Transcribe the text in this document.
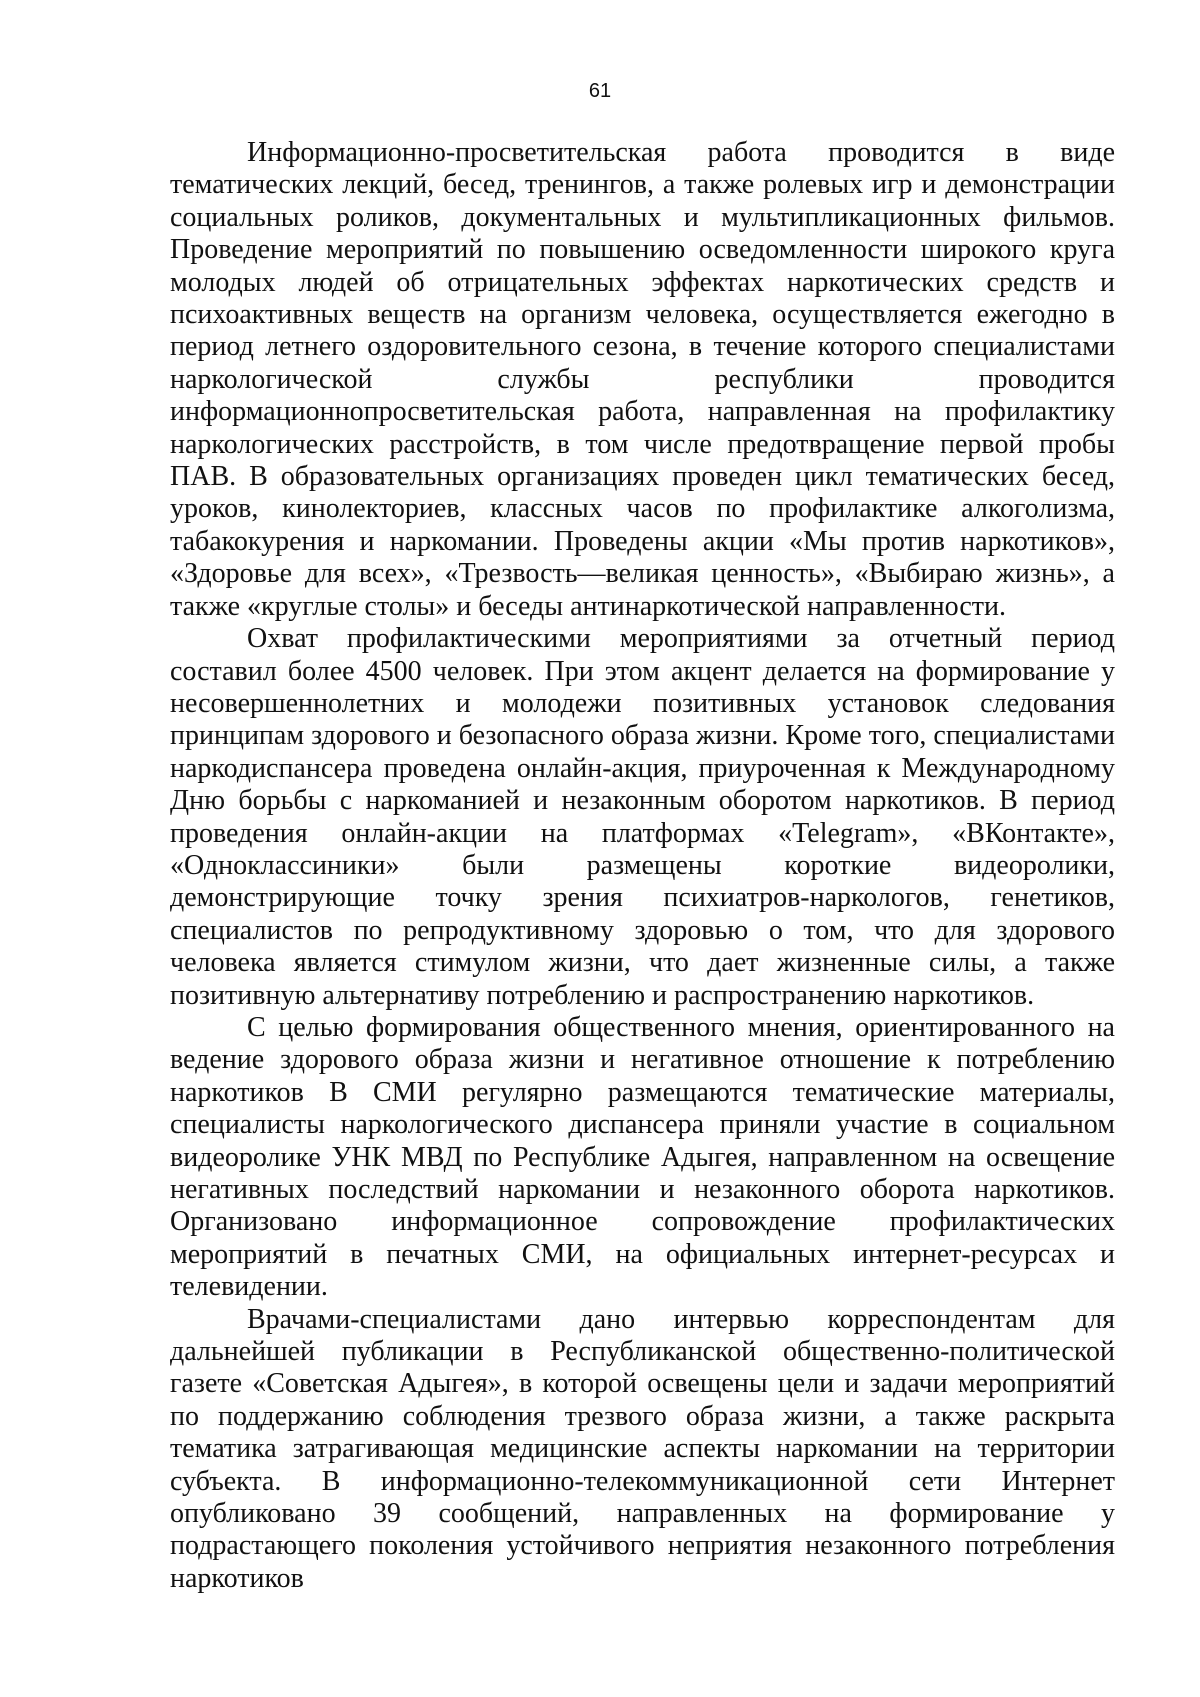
61

Информационно-просветительская работа проводится в виде тематических лекций, бесед, тренингов, а также ролевых игр и демонстрации социальных роликов, документальных и мультипликационных фильмов. Проведение мероприятий по повышению осведомленности широкого круга молодых людей об отрицательных эффектах наркотических средств и психоактивных веществ на организм человека, осуществляется ежегодно в период летнего оздоровительного сезона, в течение которого специалистами наркологической службы республики проводится информационнопросветительская работа, направленная на профилактику наркологических расстройств, в том числе предотвращение первой пробы ПАВ. В образовательных организациях проведен цикл тематических бесед, уроков, кинолекториев, классных часов по профилактике алкоголизма, табакокурения и наркомании. Проведены акции «Мы против наркотиков», «Здоровье для всех», «Трезвость—великая ценность», «Выбираю жизнь», а также «круглые столы» и беседы антинаркотической направленности.

Охват профилактическими мероприятиями за отчетный период составил более 4500 человек. При этом акцент делается на формирование у несовершеннолетних и молодежи позитивных установок следования принципам здорового и безопасного образа жизни. Кроме того, специалистами наркодиспансера проведена онлайн-акция, приуроченная к Международному Дню борьбы с наркоманией и незаконным оборотом наркотиков. В период проведения онлайн-акции на платформах «Telegram», «ВКонтакте», «Одноклассиники» были размещены короткие видеоролики, демонстрирующие точку зрения психиатров-наркологов, генетиков, специалистов по репродуктивному здоровью о том, что для здорового человека является стимулом жизни, что дает жизненные силы, а также позитивную альтернативу потреблению и распространению наркотиков.

С целью формирования общественного мнения, ориентированного на ведение здорового образа жизни и негативное отношение к потреблению наркотиков В СМИ регулярно размещаются тематические материалы, специалисты наркологического диспансера приняли участие в социальном видеоролике УНК МВД по Республике Адыгея, направленном на освещение негативных последствий наркомании и незаконного оборота наркотиков. Организовано информационное сопровождение профилактических мероприятий в печатных СМИ, на официальных интернет-ресурсах и телевидении.

Врачами-специалистами дано интервью корреспондентам для дальнейшей публикации в Республиканской общественно-политической газете «Советская Адыгея», в которой освещены цели и задачи мероприятий по поддержанию соблюдения трезвого образа жизни, а также раскрыта тематика затрагивающая медицинские аспекты наркомании на территории субъекта. В информационно-телекоммуникационной сети Интернет опубликовано 39 сообщений, направленных на формирование у подрастающего поколения устойчивого неприятия незаконного потребления наркотиков
